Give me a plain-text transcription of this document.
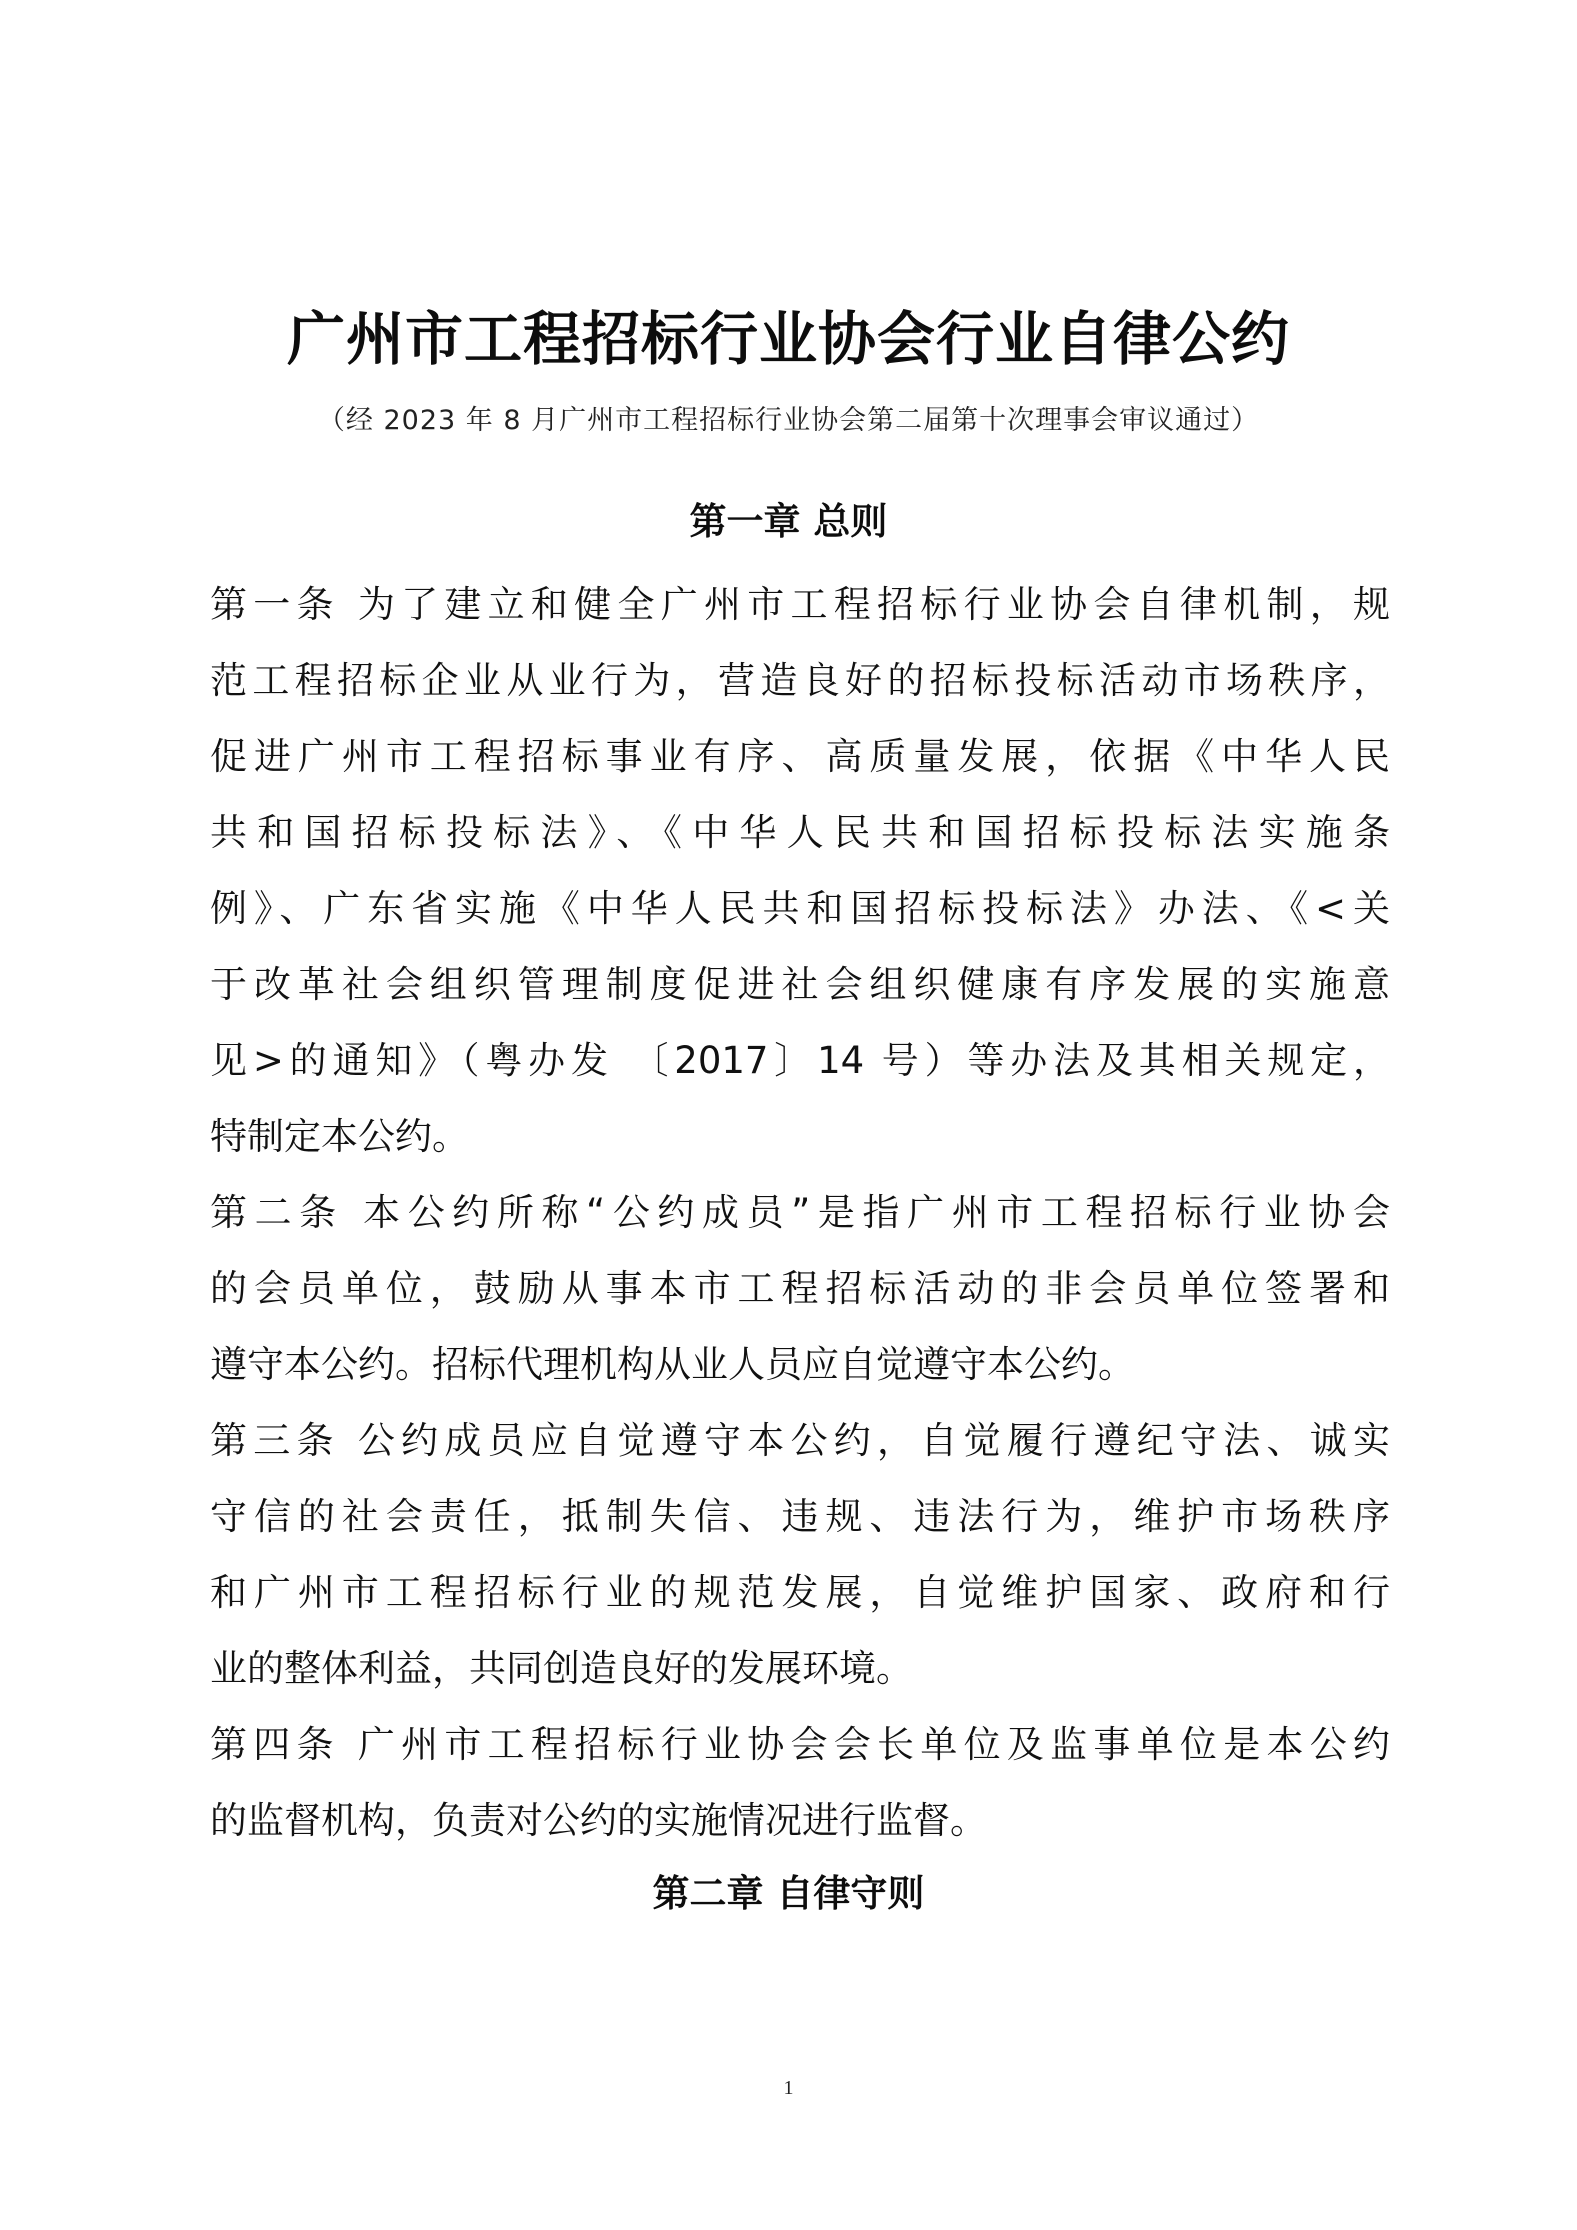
广州市工程招标行业协会行业自律公约
（经 2023 年 8 月广州市工程招标行业协会第二届第十次理事会审议通过）
第一章 总则
第一条 为了建立和健全广州市工程招标行业协会自律机制，规
范工程招标企业从业行为，营造良好的招标投标活动市场秩序，
促进广州市工程招标事业有序、高质量发展，依据《中华人民
共和国招标投标法》、《中华人民共和国招标投标法实施条
例》、广东省实施《中华人民共和国招标投标法》办法、《<关
于改革社会组织管理制度促进社会组织健康有序发展的实施意
见>的通知》（粤办发 〔2017〕14 号）等办法及其相关规定，
特制定本公约。
第二条 本公约所称“公约成员”是指广州市工程招标行业协会
的会员单位，鼓励从事本市工程招标活动的非会员单位签署和
遵守本公约。招标代理机构从业人员应自觉遵守本公约。
第三条 公约成员应自觉遵守本公约，自觉履行遵纪守法、诚实
守信的社会责任，抵制失信、违规、违法行为，维护市场秩序
和广州市工程招标行业的规范发展，自觉维护国家、政府和行
业的整体利益，共同创造良好的发展环境。
第四条 广州市工程招标行业协会会长单位及监事单位是本公约
的监督机构，负责对公约的实施情况进行监督。
第二章 自律守则
1
